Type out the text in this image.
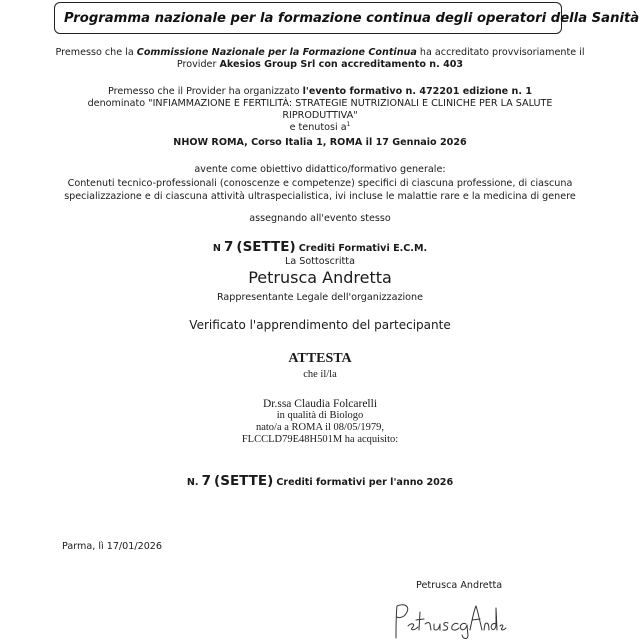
Programma nazionale per la formazione continua degli operatori della Sanità
Premesso che la Commissione Nazionale per la Formazione Continua ha accreditato provvisoriamente il
Provider Akesios Group Srl con accreditamento n. 403
Premesso che il Provider ha organizzato l'evento formativo n. 472201 edizione n. 1
denominato "INFIAMMAZIONE E FERTILITÀ: STRATEGIE NUTRIZIONALI E CLINICHE PER LA SALUTE
RIPRODUTTIVA"
e tenutosi $a^1$
NHOW ROMA, Corso Italia 1, ROMA il 17 Gennaio 2026
avente come obiettivo didattico/formativo generale:
Contenuti tecnico-professionali (conoscenze e competenze) specifici di ciascuna professione, di ciascuna
specializzazione e di ciascuna attività ultraspecialistica, ivi incluse le malattie rare e la medicina di genere
assegnando all'evento stesso
N 7 (SETTE) Crediti Formativi E.C.M.
La Sottoscritta
Petrusca Andretta
Rappresentante Legale dell'organizzazione
Verificato l'apprendimento del partecipante
ATTESTA
che il/la
Dr.ssa Claudia Folcarelli
in qualità di Biologo
nato/a a ROMA il 08/05/1979,
FLCCLD79E48H501M ha acquisito:
N. 7 (SETTE) Crediti formativi per l'anno 2026
Parma, lì 17/01/2026
Petrusca Andretta
